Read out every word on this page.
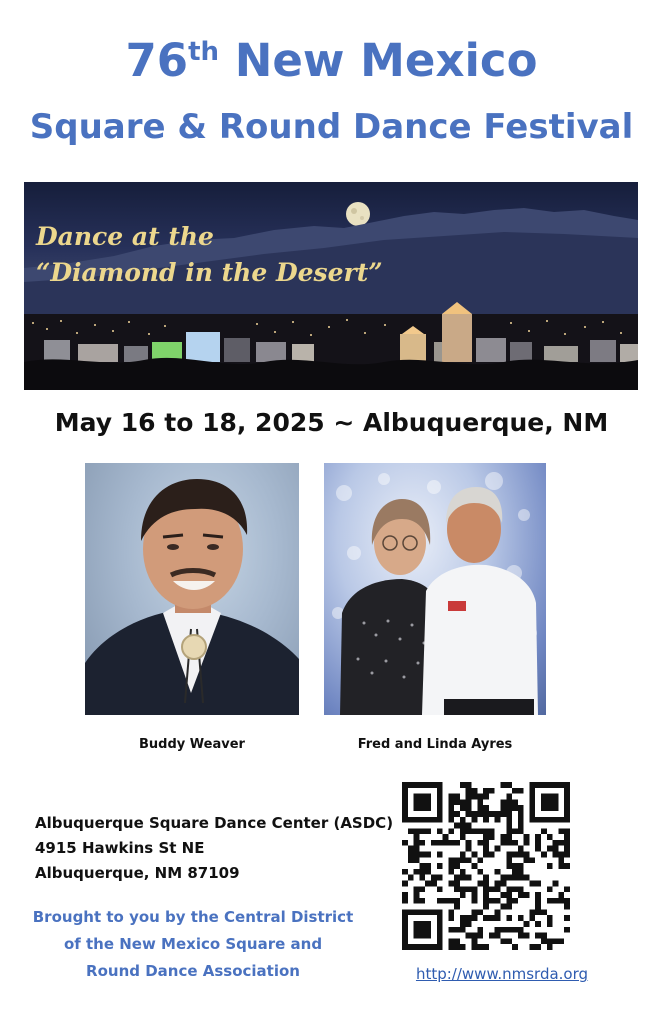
76th New Mexico
Square & Round Dance Festival
Dance at the
“Diamond in the Desert”
May 16 to 18, 2025 ~ Albuquerque, NM
Buddy Weaver	Fred and Linda Ayres
Albuquerque Square Dance Center (ASDC)
4915 Hawkins St NE
Albuquerque, NM 87109
Brought to you by the Central District
of the New Mexico Square and
Round Dance Association	http://www.nmsrda.org
